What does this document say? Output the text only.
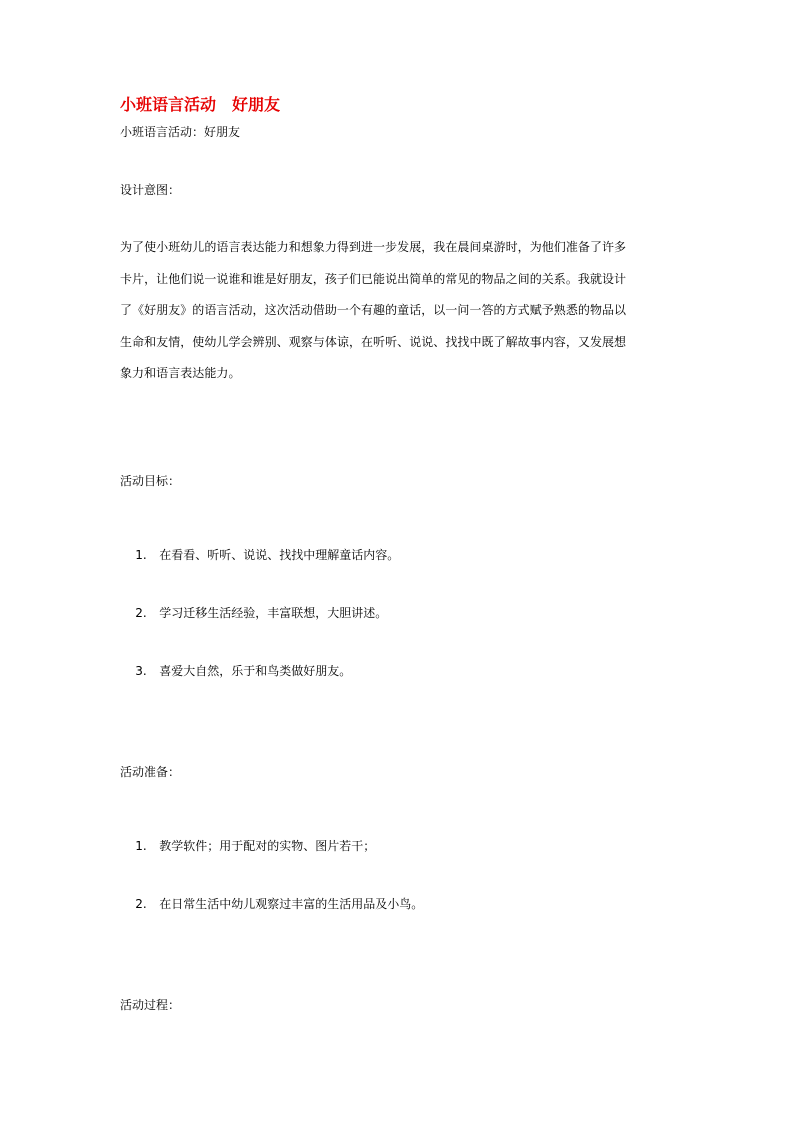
小班语言活动　好朋友
小班语言活动：好朋友
设计意图：
为了使小班幼儿的语言表达能力和想象力得到进一步发展，我在晨间桌游时，为他们准备了许多
卡片，让他们说一说谁和谁是好朋友，孩子们已能说出简单的常见的物品之间的关系。我就设计
了《好朋友》的语言活动，这次活动借助一个有趣的童话，以一问一答的方式赋予熟悉的物品以
生命和友情，使幼儿学会辨别、观察与体谅，在听听、说说、找找中既了解故事内容，又发展想
象力和语言表达能力。
活动目标：

1. 在看看、听听、说说、找找中理解童话内容。

2. 学习迁移生活经验，丰富联想，大胆讲述。

3. 喜爱大自然，乐于和鸟类做好朋友。

活动准备：

1. 教学软件；用于配对的实物、图片若干；

2. 在日常生活中幼儿观察过丰富的生活用品及小鸟。

活动过程：
